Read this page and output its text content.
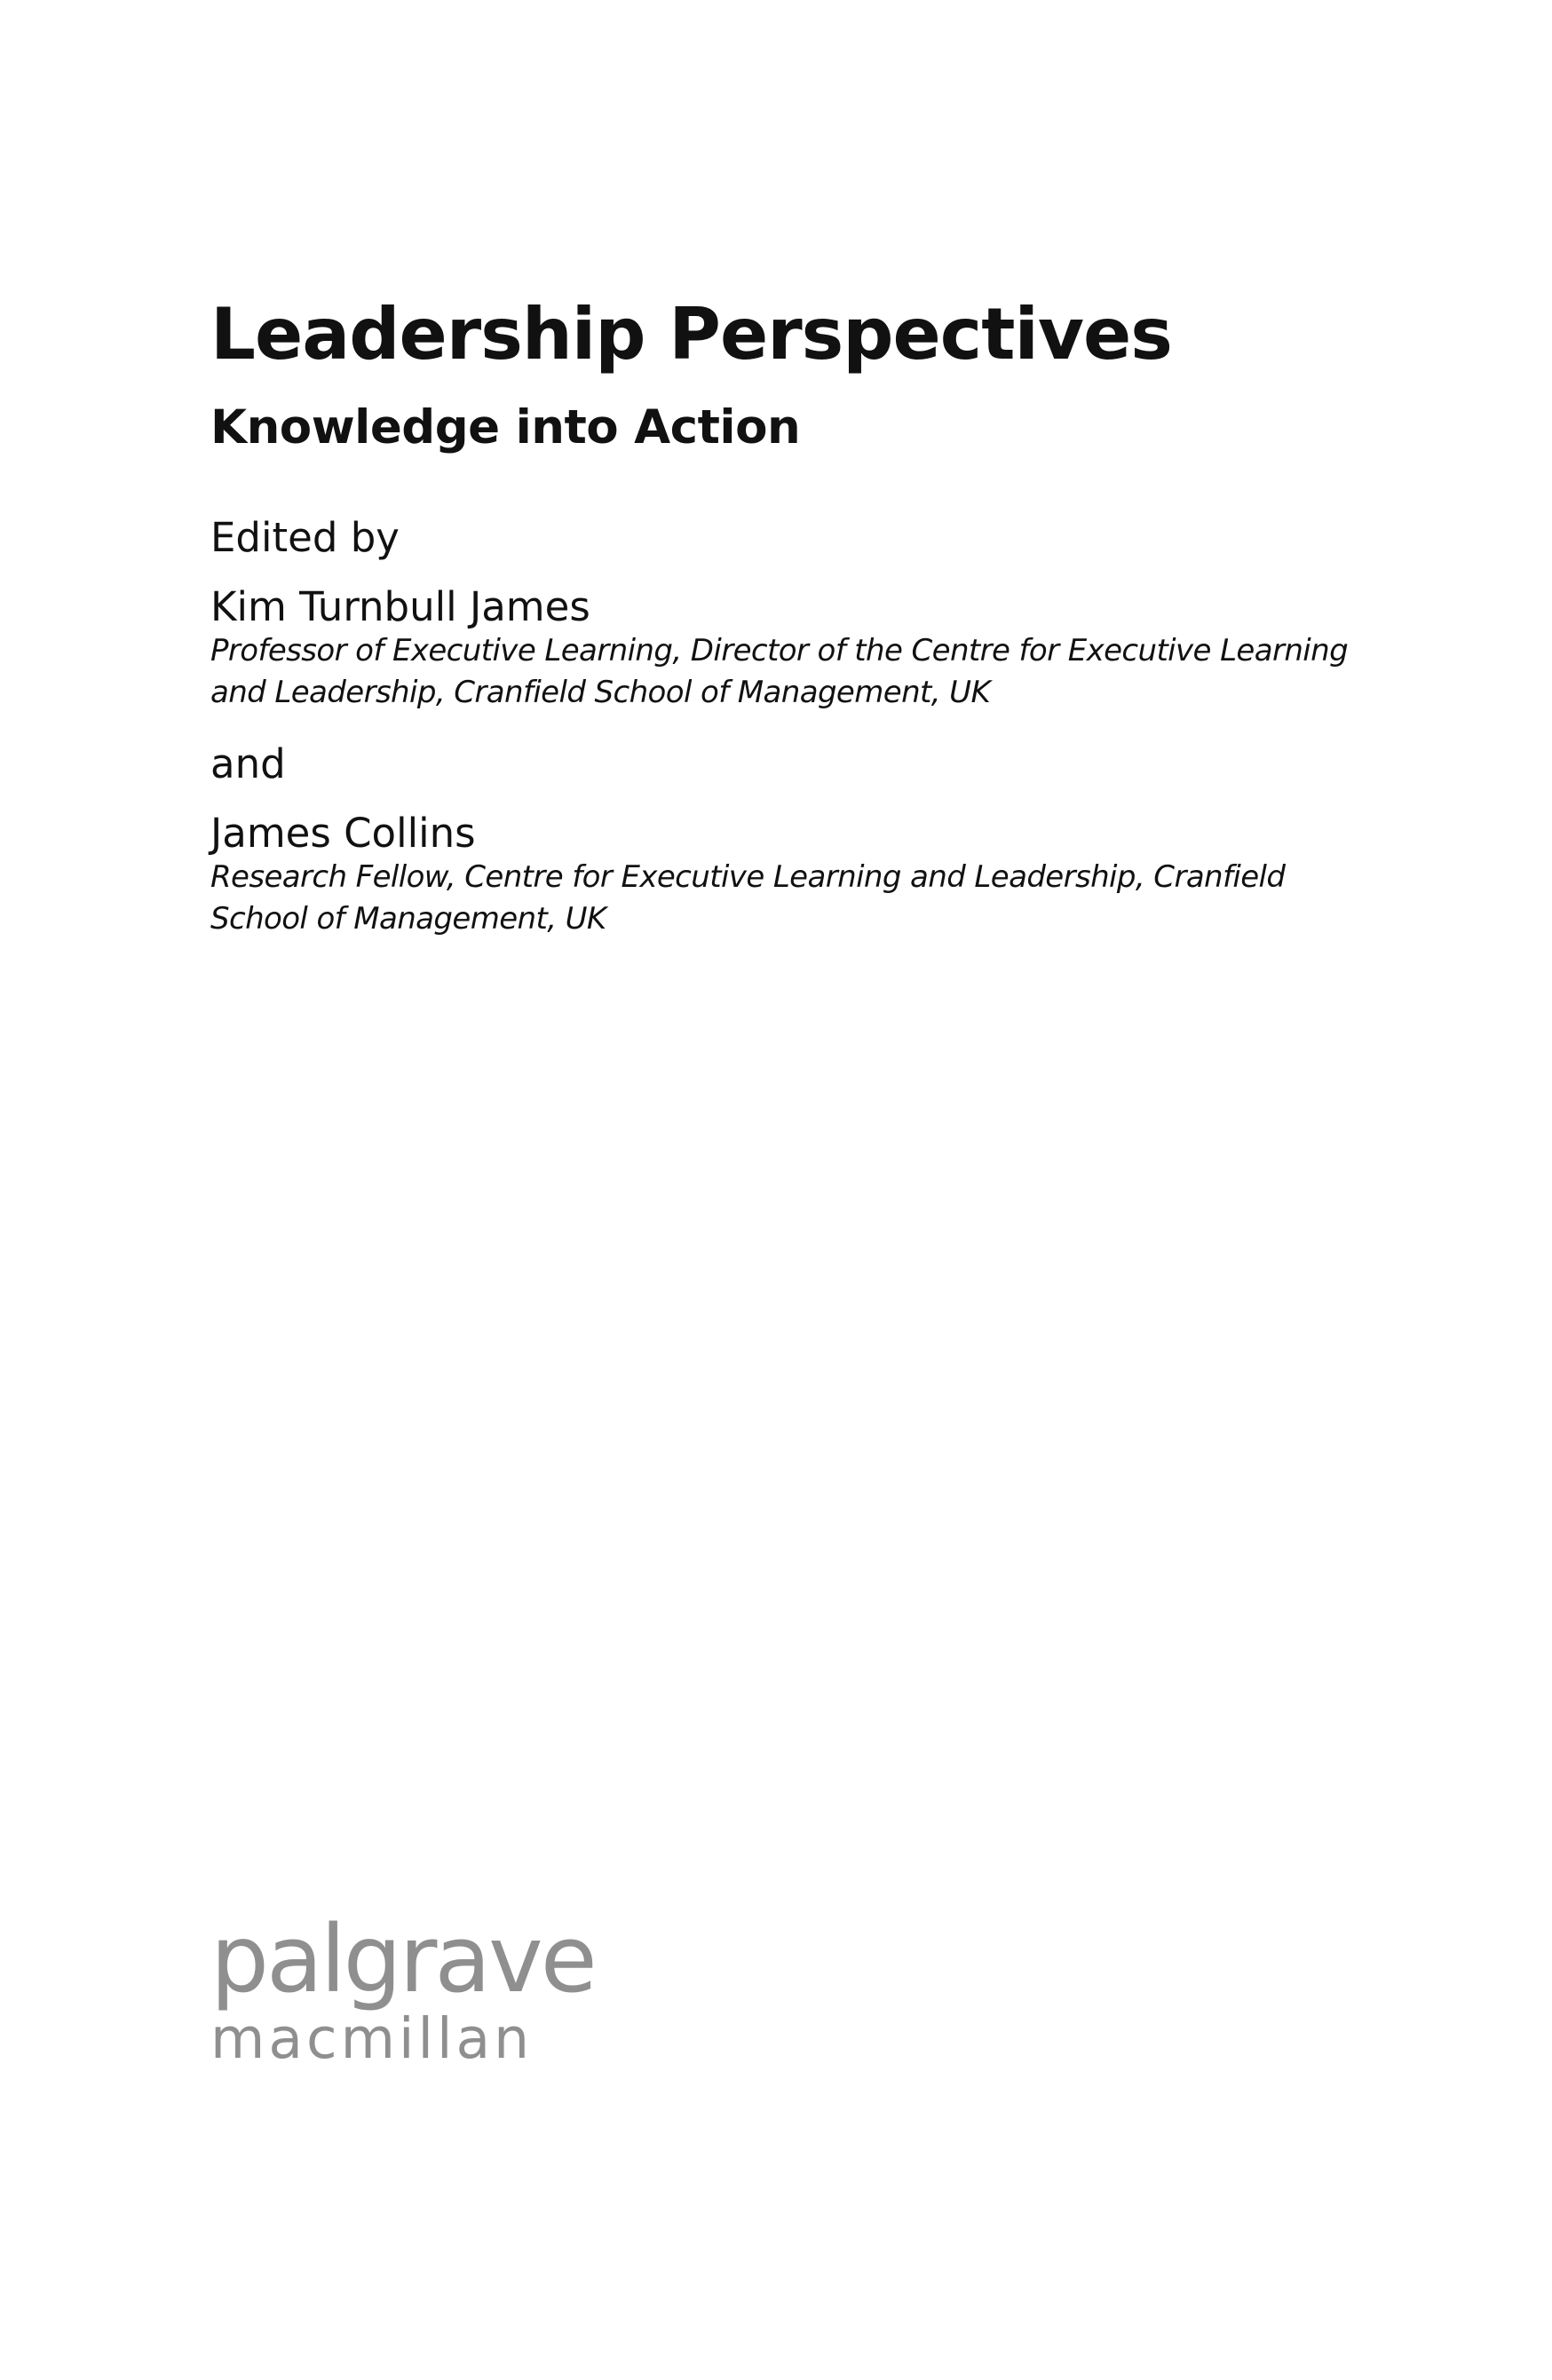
Leadership Perspectives
Knowledge into Action
Edited by
Kim Turnbull James
Professor of Executive Learning, Director of the Centre for Executive Learning and Leadership, Cranfield School of Management, UK
and
James Collins
Research Fellow, Centre for Executive Learning and Leadership, Cranfield School of Management, UK
palgrave
macmillan
